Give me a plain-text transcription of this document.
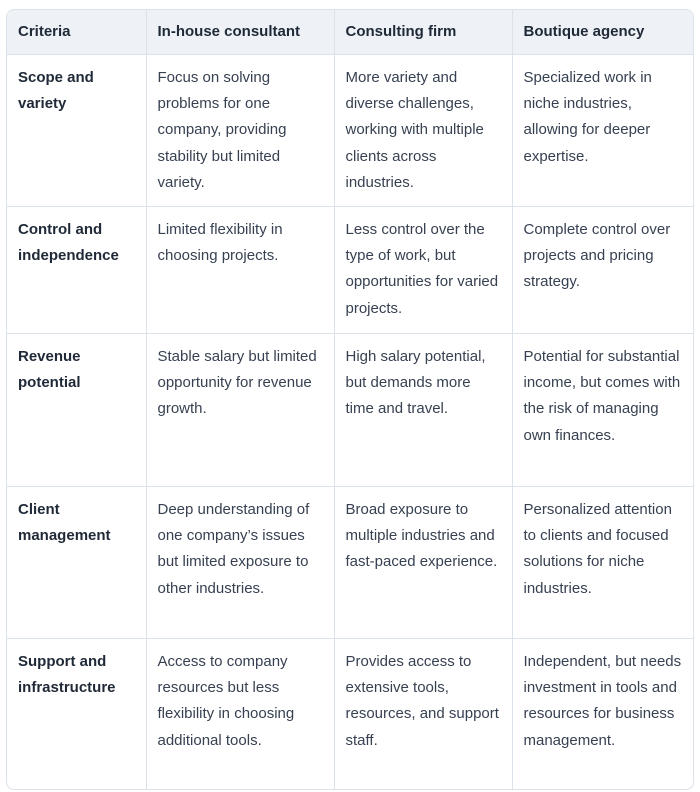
Criteria	In-house consultant	Consulting firm	Boutique agency
Scope and variety	Focus on solving problems for one company, providing stability but limited variety.	More variety and diverse challenges, working with multiple clients across industries.	Specialized work in niche industries, allowing for deeper expertise.
Control and independence	Limited flexibility in choosing projects.	Less control over the type of work, but opportunities for varied projects.	Complete control over projects and pricing strategy.
Revenue potential	Stable salary but limited opportunity for revenue growth.	High salary potential, but demands more time and travel.	Potential for substantial income, but comes with the risk of managing own finances.
Client management	Deep understanding of one company’s issues but limited exposure to other industries.	Broad exposure to multiple industries and fast-paced experience.	Personalized attention to clients and focused solutions for niche industries.
Support and infrastructure	Access to company resources but less flexibility in choosing additional tools.	Provides access to extensive tools, resources, and support staff.	Independent, but needs investment in tools and resources for business management.
